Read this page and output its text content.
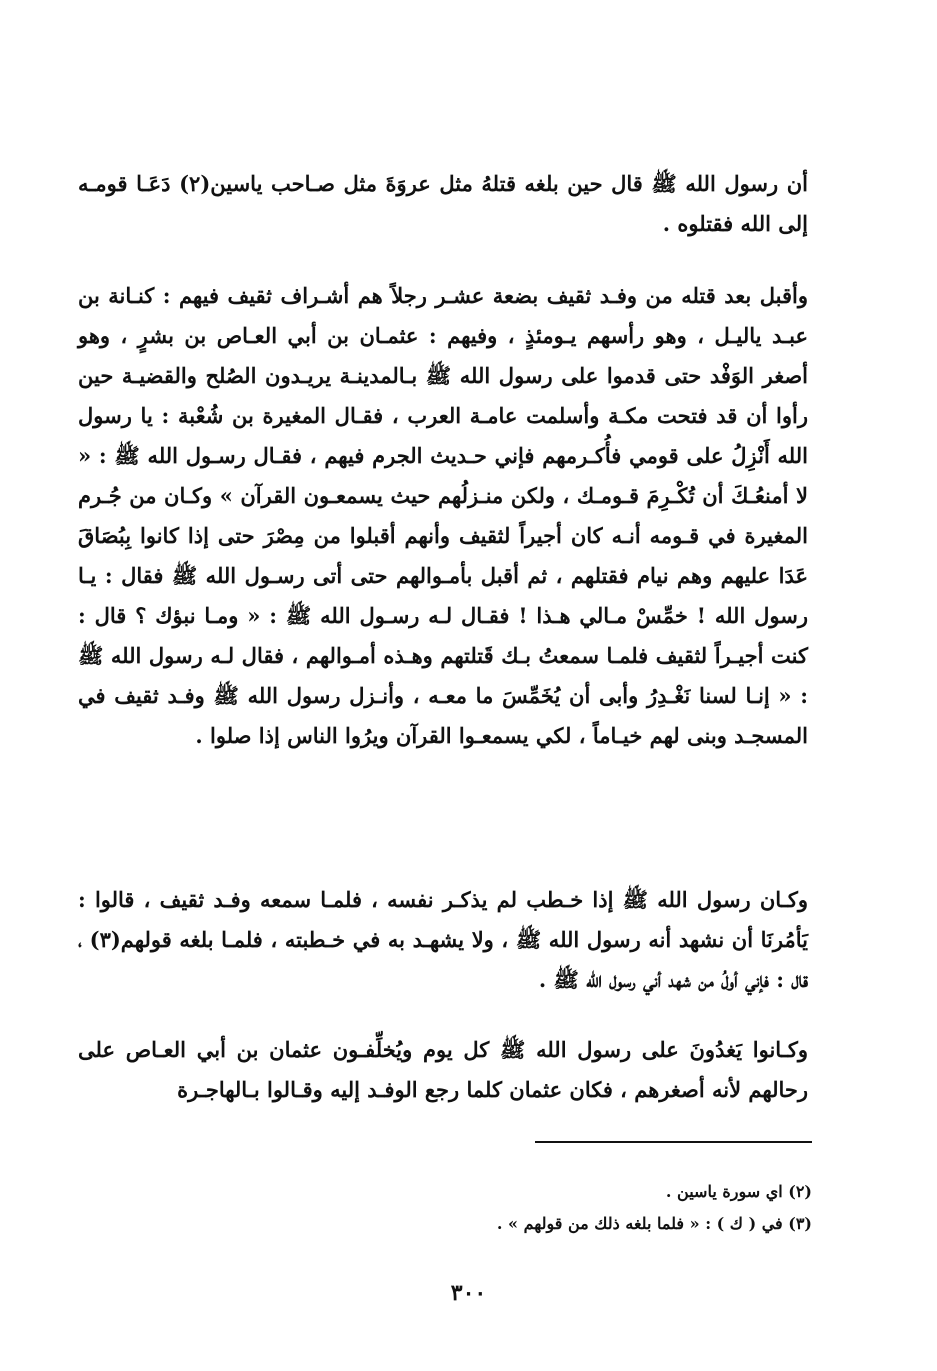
أن رسول الله ﷺ قال حين بلغه قتلهُ مثل عروَةَ مثل صـاحب ياسين(٢) دَعَـا قومـه إلى الله فقتلوه .

وأقبل بعد قتله من وفـد ثقيف بضعة عشـر رجلاً هم أشـراف ثقيف فيهم : كنـانة بن عبـد ياليـل ، وهو رأسهم يـومئذٍ ، وفيهم : عثمـان بن أبي العـاص بن بشرٍ ، وهو أصغر الوَفْد حتى قدموا على رسول الله ﷺ بـالمدينـة يريـدون الصُلح والقضيـة حين رأوا أن قد فتحت مكـة وأسلمت عامـة العرب ، فقـال المغيرة بن شُعْبة : يا رسول الله أَنْزِلُ على قومي فأُكـرمهم فإني حـديث الجرم فيهم ، فقـال رسـول الله ﷺ : « لا أمنعُـكَ أن تُكْـرِمَ قـومـك ، ولكن منـزلُهم حيث يسمعـون القرآن » وكـان من جُـرم المغيرة في قـومه أنـه كان أجيراً لثقيف وأنهم أقبلوا من مِصْرَ حتى إذا كانوا بِبُصَاقَ عَدَا عليهم وهم نيام فقتلهم ، ثم أقبل بأمـوالهم حتى أتى رسـول الله ﷺ فقال : يـا رسول الله ! خمِّسْ مـالي هـذا ! فقـال لـه رسـول الله ﷺ : « ومـا نبؤك ؟ قال : كنت أجيـراً لثقيف فلمـا سمعتُ بـك قَتلتهم وهـذه أمـوالهم ، فقال لـه رسول الله ﷺ : « إنـا لسنا نَغْـدِرُ وأبى أن يُخَمِّسَ ما معـه ، وأنـزل رسول الله ﷺ وفـد ثقيف في المسجـد وبنى لهم خيـاماً ، لكي يسمعـوا القرآن ويرُوا الناس إذا صلوا .

وكـان رسول الله ﷺ إذا خـطب لم يذكـر نفسه ، فلمـا سمعه وفـد ثقيف ، قالوا : يَأمُرنَا أن نشهد أنه رسول الله ﷺ ، ولا يشهـد به في خـطبته ، فلمـا بلغه قولهم(٣) ، قال : فإني أولُ من شهد أني رسول الله ﷺ .

وكـانوا يَغدُونَ على رسول الله ﷺ كل يوم ويُخلِّفـون عثمان بن أبي العـاص على رحالهم لأنه أصغرهم ، فكان عثمان كلما رجع الوفـد إليه وقـالوا بـالهاجـرة

(٢) اي سورة ياسين .
(٣) في ( ك ) : « فلما بلغه ذلك من قولهم » .
٣٠٠
